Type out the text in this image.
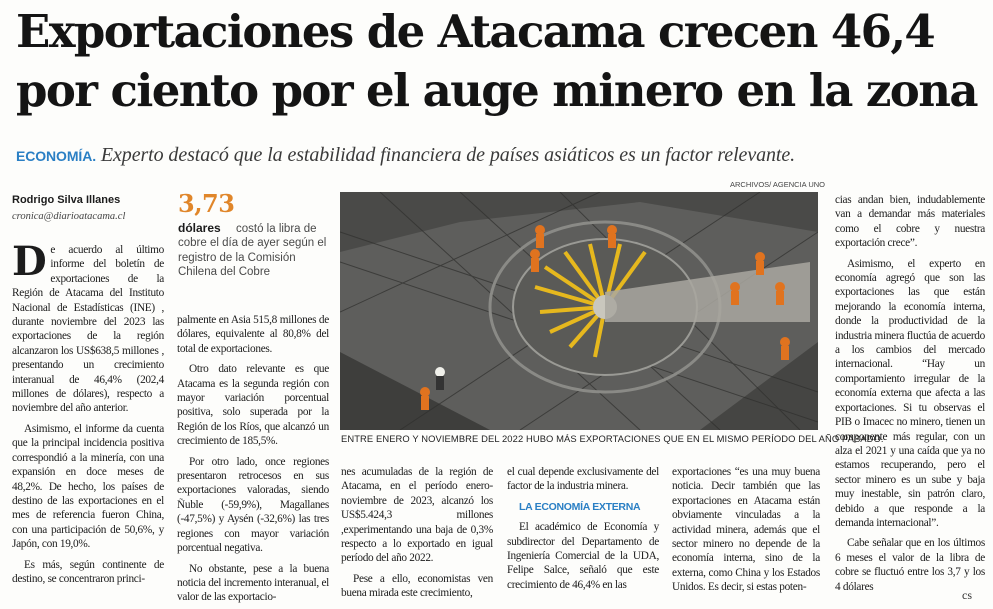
Exportaciones de Atacama crecen 46,4
por ciento por el auge minero en la zona
ECONOMÍA. Experto destacó que la estabilidad financiera de países asiáticos es un factor relevante.
Rodrigo Silva Illanes
cronica@diarioatacama.cl 3,73
costó la libra de cobre el día de ayer según el registro de la Comisión Chilena del Cobre
dólares
ARCHIVOS/ AGENCIA UNO
ENTRE ENERO Y NOVIEMBRE DEL 2022 HUBO MÁS EXPORTACIONES QUE EN EL MISMO PERÍODO DEL AÑO PASADO.

De acuerdo al último informe del boletín de exportaciones de la Región de Atacama del Instituto Nacional de Estadísticas (INE) , durante noviembre del 2023 las exportaciones de la región alcanzaron los US$638,5 millones , presentando un crecimiento interanual de 46,4% (202,4 millones de dólares), respecto a noviembre del año anterior.

Asimismo, el informe da cuenta que la principal incidencia positiva correspondió a la minería, con una expansión en doce meses de 48,2%. De hecho, los países de destino de las exportaciones en el mes de referencia fueron China, con una participación de 50,6%, y Japón, con 19,0%.

Es más, según continente de destino, se concentraron princi-

palmente en Asia 515,8 millones de dólares, equivalente al 80,8% del total de exportaciones.

Otro dato relevante es que Atacama es la segunda región con mayor variación porcentual positiva, solo superada por la Región de los Ríos, que alcanzó un crecimiento de 185,5%.

Por otro lado, once regiones presentaron retrocesos en sus exportaciones valoradas, siendo Ñuble (-59,9%), Magallanes (-47,5%) y Aysén (-32,6%) las tres regiones con mayor variación porcentual negativa.

No obstante, pese a la buena noticia del incremento interanual, el valor de las exportacio-

nes acumuladas de la región de Atacama, en el período enero-noviembre de 2023, alcanzó los US$5.424,3 millones ,experimentando una baja de 0,3% respecto a lo exportado en igual período del año 2022.

Pese a ello, economistas ven buena mirada este crecimiento,

el cual depende exclusivamente del factor de la industria minera.

LA ECONOMÍA EXTERNA

El académico de Economía y subdirector del Departamento de Ingeniería Comercial de la UDA, Felipe Salce, señaló que este crecimiento de 46,4% en las

exportaciones “es una muy buena noticia. Decir también que las exportaciones en Atacama están obviamente vinculadas a la actividad minera, además que el sector minero no depende de la economía interna, sino de la externa, como China y los Estados Unidos. Es decir, si estas poten-

cias andan bien, indudablemente van a demandar más materiales como el cobre y nuestra exportación crece”.

Asimismo, el experto en economía agregó que son las exportaciones las que están mejorando la economía interna, donde la productividad de la industria minera fluctúa de acuerdo a los cambios del mercado internacional. “Hay un comportamiento irregular de la economía externa que afecta a las exportaciones. Si tu observas el PIB o Imacec no minero, tienen un componente más regular, con un alza el 2021 y una caída que ya no estamos recuperando, pero el sector minero es un sube y baja muy inestable, sin patrón claro, debido a que responde a la demanda internacional”.

Cabe señalar que en los últimos 6 meses el valor de la libra de cobre se fluctuó entre los 3,7 y los 4 dólares

cs
